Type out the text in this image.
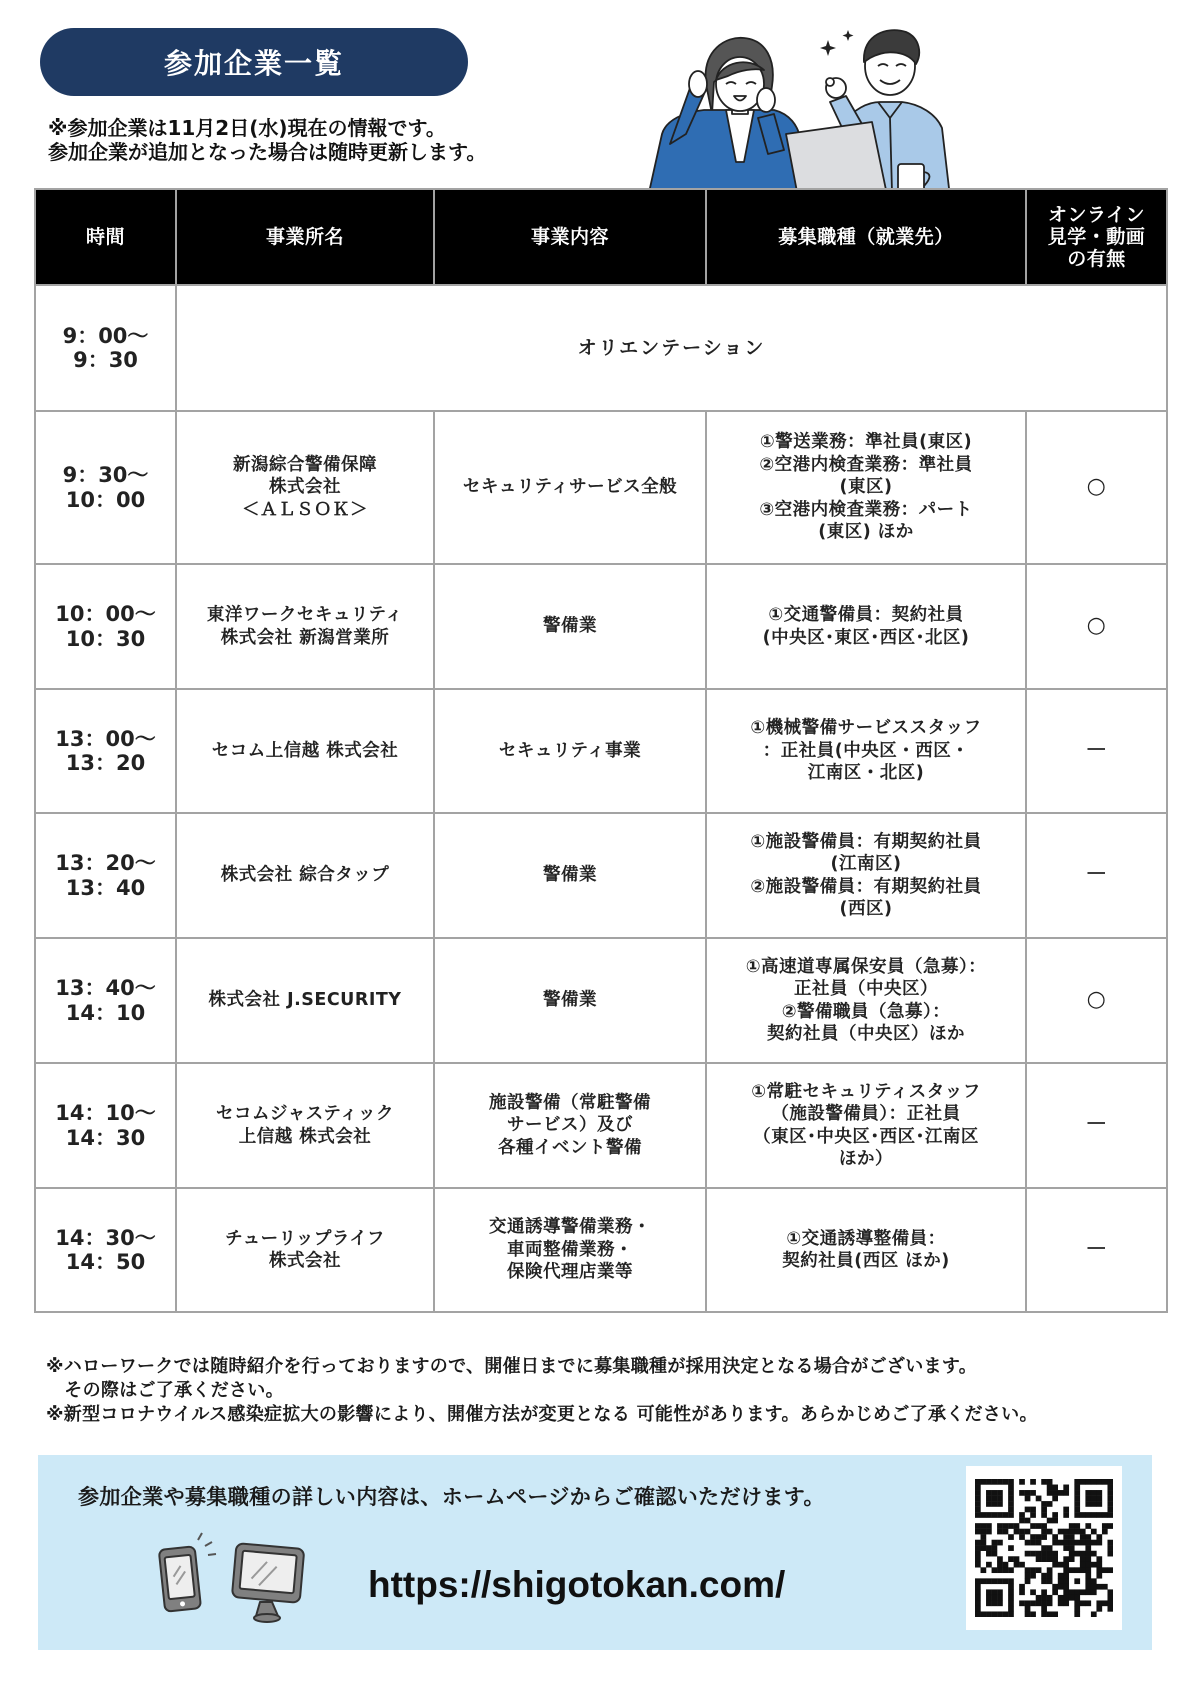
参加企業一覧
※参加企業は11月2日(水)現在の情報です。
参加企業が追加となった場合は随時更新します。
時間	事業所名	事業内容	募集職種（就業先）	オンライン
見学・動画
の有無

9：00～
9：30	オリエンテーション			

9：30～
10：00	新潟綜合警備保障
株式会社
＜ＡＬＳＯＫ＞	セキュリティサービス全般	①警送業務：準社員(東区)
②空港内検査業務：準社員
(東区)
③空港内検査業務：パート
(東区) ほか	○

10：00～
10：30	東洋ワークセキュリティ
株式会社 新潟営業所	警備業	①交通警備員：契約社員
(中央区･東区･西区･北区)	○

13：00～
13：20	セコム上信越 株式会社	セキュリティ事業	①機械警備サービススタッフ
：正社員(中央区・西区・
江南区・北区)	－

13：20～
13：40	株式会社 綜合タップ	警備業	①施設警備員：有期契約社員
(江南区)
②施設警備員：有期契約社員
(西区)	－

13：40～
14：10	株式会社 J.SECURITY	警備業	①高速道専属保安員（急募）：
正社員（中央区）
②警備職員（急募）：
契約社員（中央区）ほか	○

14：10～
14：30	セコムジャスティック
上信越 株式会社	施設警備（常駐警備
サービス）及び
各種イベント警備	①常駐セキュリティスタッフ
（施設警備員）：正社員
（東区･中央区･西区･江南区
ほか）	－

14：30～
14：50	チューリップライフ
株式会社	交通誘導警備業務・
車両整備業務・
保険代理店業等	①交通誘導整備員：
契約社員(西区 ほか)	－
※ハローワークでは随時紹介を行っておりますので、開催日までに募集職種が採用決定となる場合がございます。
　その際はご了承ください。
※新型コロナウイルス感染症拡大の影響により、開催方法が変更となる 可能性があります。あらかじめご了承ください。
参加企業や募集職種の詳しい内容は、ホームページからご確認いただけます。
https://shigotokan.com/
